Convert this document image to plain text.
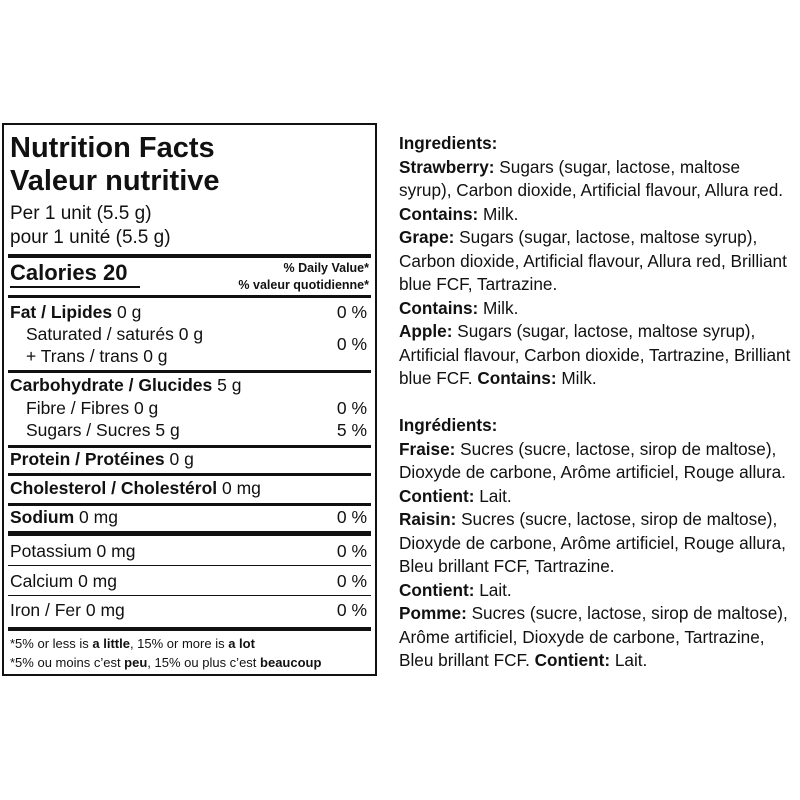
Nutrition Facts
Valeur nutritive
Per 1 unit (5.5 g)
pour 1 unité (5.5 g)
Calories 20	% Daily Value*
% valeur quotidienne*
Fat / Lipides 0 g	0 %
Saturated / saturés 0 g
+ Trans / trans 0 g
0 %
Carbohydrate / Glucides 5 g
Fibre / Fibres 0 g	0 %
Sugars / Sucres 5 g	5 %
Protein / Protéines 0 g
Cholesterol / Cholestérol 0 mg
Sodium 0 mg	0 %
Potassium 0 mg	0 %
Calcium 0 mg	0 %
Iron / Fer 0 mg	0 %
*5% or less is a little, 15% or more is a lot
*5% ou moins c’est peu, 15% ou plus c’est beaucoup

Ingredients:

Strawberry: Sugars (sugar, lactose, maltose syrup), Carbon dioxide, Artificial flavour, Allura red. Contains: Milk.

Grape: Sugars (sugar, lactose, maltose syrup), Carbon dioxide, Artificial flavour, Allura red, Brilliant blue FCF, Tartrazine.

Contains: Milk.

Apple: Sugars (sugar, lactose, maltose syrup), Artificial flavour, Carbon dioxide, Tartrazine, Brilliant blue FCF. Contains: Milk.

Ingrédients:

Fraise: Sucres (sucre, lactose, sirop de maltose), Dioxyde de carbone, Arôme artificiel, Rouge allura. Contient: Lait.

Raisin: Sucres (sucre, lactose, sirop de maltose), Dioxyde de carbone, Arôme artificiel, Rouge allura, Bleu brillant FCF, Tartrazine.

Contient: Lait.

Pomme: Sucres (sucre, lactose, sirop de maltose), Arôme artificiel, Dioxyde de carbone, Tartrazine, Bleu brillant FCF. Contient: Lait.
